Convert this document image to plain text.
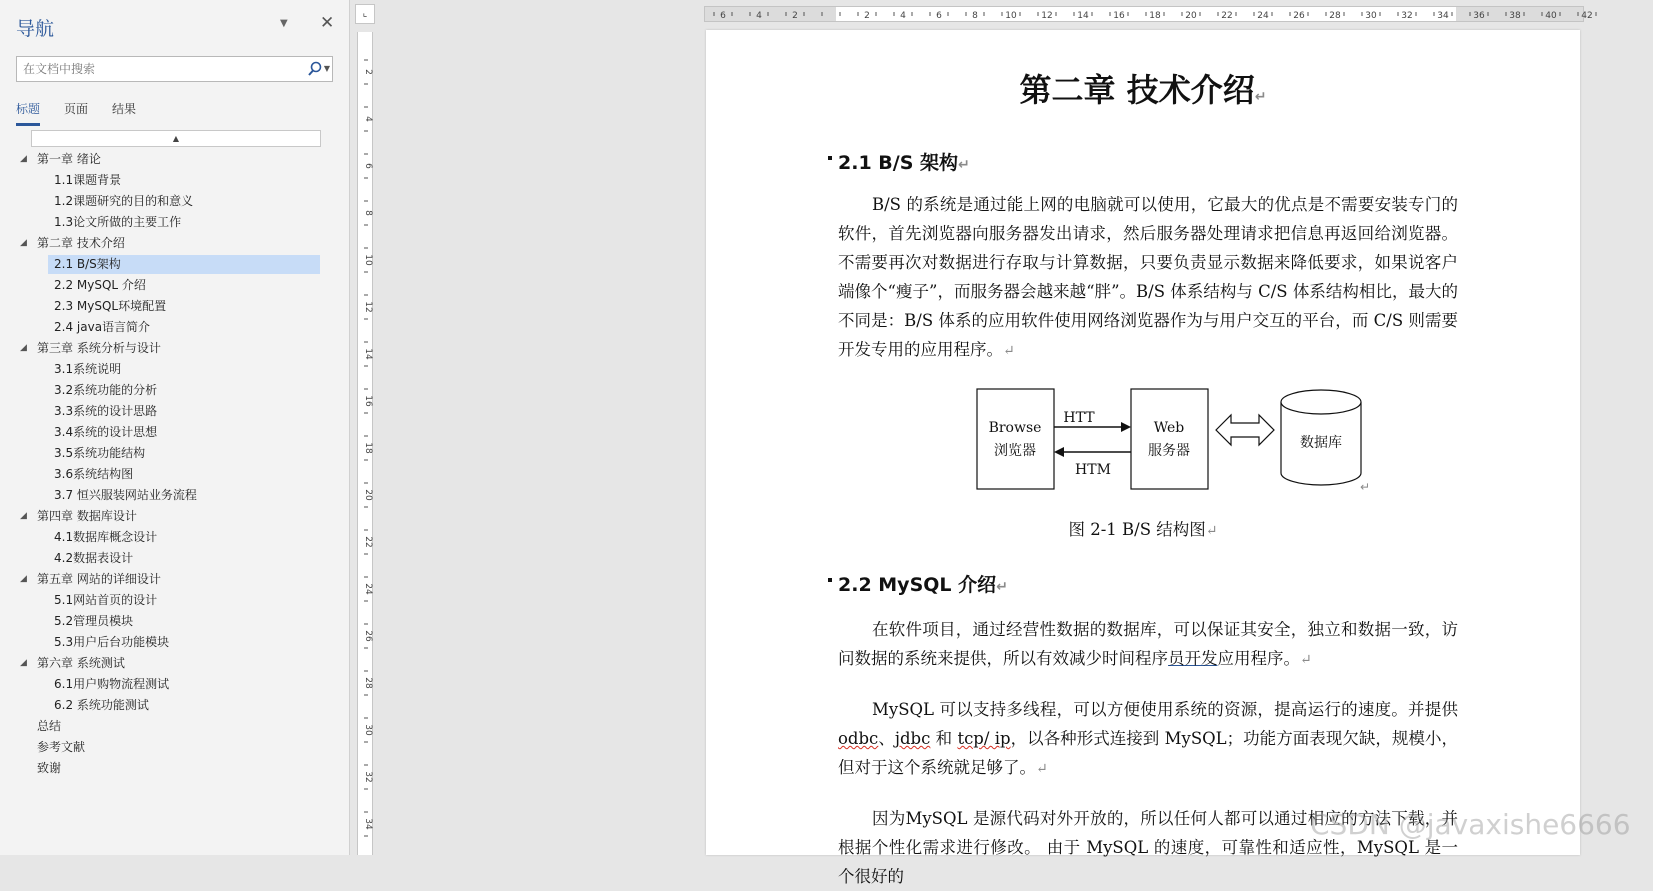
导航	▼ ✕
在文档中搜索
▼
标题 页面 结果
▲
◢ 第一章 绪论
1.1课题背景
1.2课题研究的目的和意义
1.3论文所做的主要工作
◢ 第二章 技术介绍
2.1 B/S架构
2.2 MySQL 介绍
2.3 MySQL环境配置
2.4 java语言简介
◢ 第三章 系统分析与设计
3.1系统说明
3.2系统功能的分析
3.3系统的设计思路
3.4系统的设计思想
3.5系统功能结构
3.6系统结构图
3.7 恒兴服装网站业务流程
◢ 第四章 数据库设计
4.1数据库概念设计
4.2数据表设计
◢ 第五章 网站的详细设计
5.1网站首页的设计
5.2管理员模块
5.3用户后台功能模块
◢ 第六章 系统测试
6.1用户购物流程测试
6.2 系统功能测试
总结
参考文献
致谢
⌞
2
4
6
8
10
12
14
16
18
20
22
24
26
28
30
32
34
6	4	2	2	4	6	8	10	12	14	16	18	20	22	24	26	28	30	32	34	36	38	40	42
第二章 技术介绍↵
2.1 B/S 架构↵
B/S 的系统是通过能上网的电脑就可以使用，它最大的优点是不需要安装专门的软件，首先浏览器向服务器发出请求，然后服务器处理请求把信息再返回给浏览器。不需要再次对数据进行存取与计算数据，只要负责显示数据来降低要求，如果说客户端像个“瘦子”，而服务器会越来越“胖”。B/S 体系结构与 C/S 体系结构相比，最大的不同是：B/S 体系的应用软件使用网络浏览器作为与用户交互的平台，而 C/S 则需要开发专用的应用程序。↵
Browse
浏览器
HTT
HTM
Web
服务器	数据库
↵
图 2-1 B/S 结构图↵
2.2 MySQL 介绍↵
在软件项目，通过经营性数据的数据库，可以保证其安全，独立和数据一致，访问数据的系统来提供，所以有效减少时间程序员开发应用程序。↵
MySQL 可以支持多线程，可以方便使用系统的资源，提高运行的速度。并提供 odbc、jdbc 和 tcp/ ip，以各种形式连接到 MySQL；功能方面表现欠缺，规模小，但对于这个系统就足够了。↵
因为MySQL 是源代码对外开放的，所以任何人都可以通过相应的方法下载，并根据个性化需求进行修改。 由于 MySQL 的速度，可靠性和适应性，MySQL 是一个很好的
CSDN @javaxishe6666
